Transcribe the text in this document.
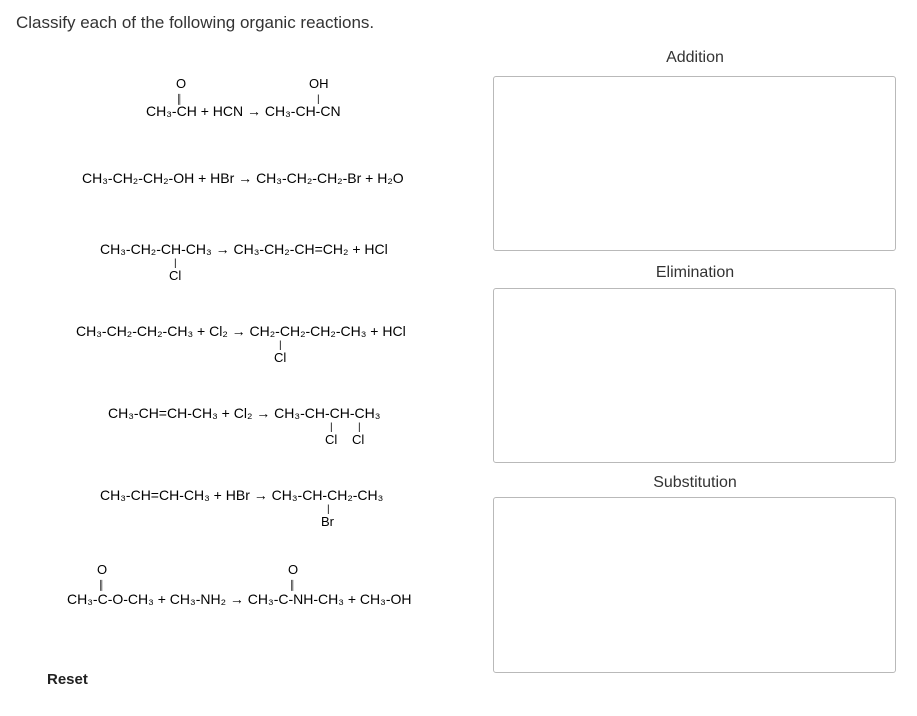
Classify each of the following organic reactions.
CH₃-CH + HCN → CH₃-CH-CN
O
║
OH
|
CH₃-CH₂-CH₂-OH + HBr → CH₃-CH₂-CH₂-Br + H₂O
CH₃-CH₂-CH-CH₃ → CH₃-CH₂-CH=CH₂ + HCl
|
Cl
CH₃-CH₂-CH₂-CH₃ + Cl₂ → CH₂-CH₂-CH₂-CH₃ + HCl
|
Cl
CH₃-CH=CH-CH₃ + Cl₂ → CH₃-CH-CH-CH₃
|	|
Cl Cl
CH₃-CH=CH-CH₃ + HBr → CH₃-CH-CH₂-CH₃
|
Br
CH₃-C-O-CH₃ + CH₃-NH₂ → CH₃-C-NH-CH₃ + CH₃-OH
O
║
O
║
Reset
Addition
Elimination
Substitution
